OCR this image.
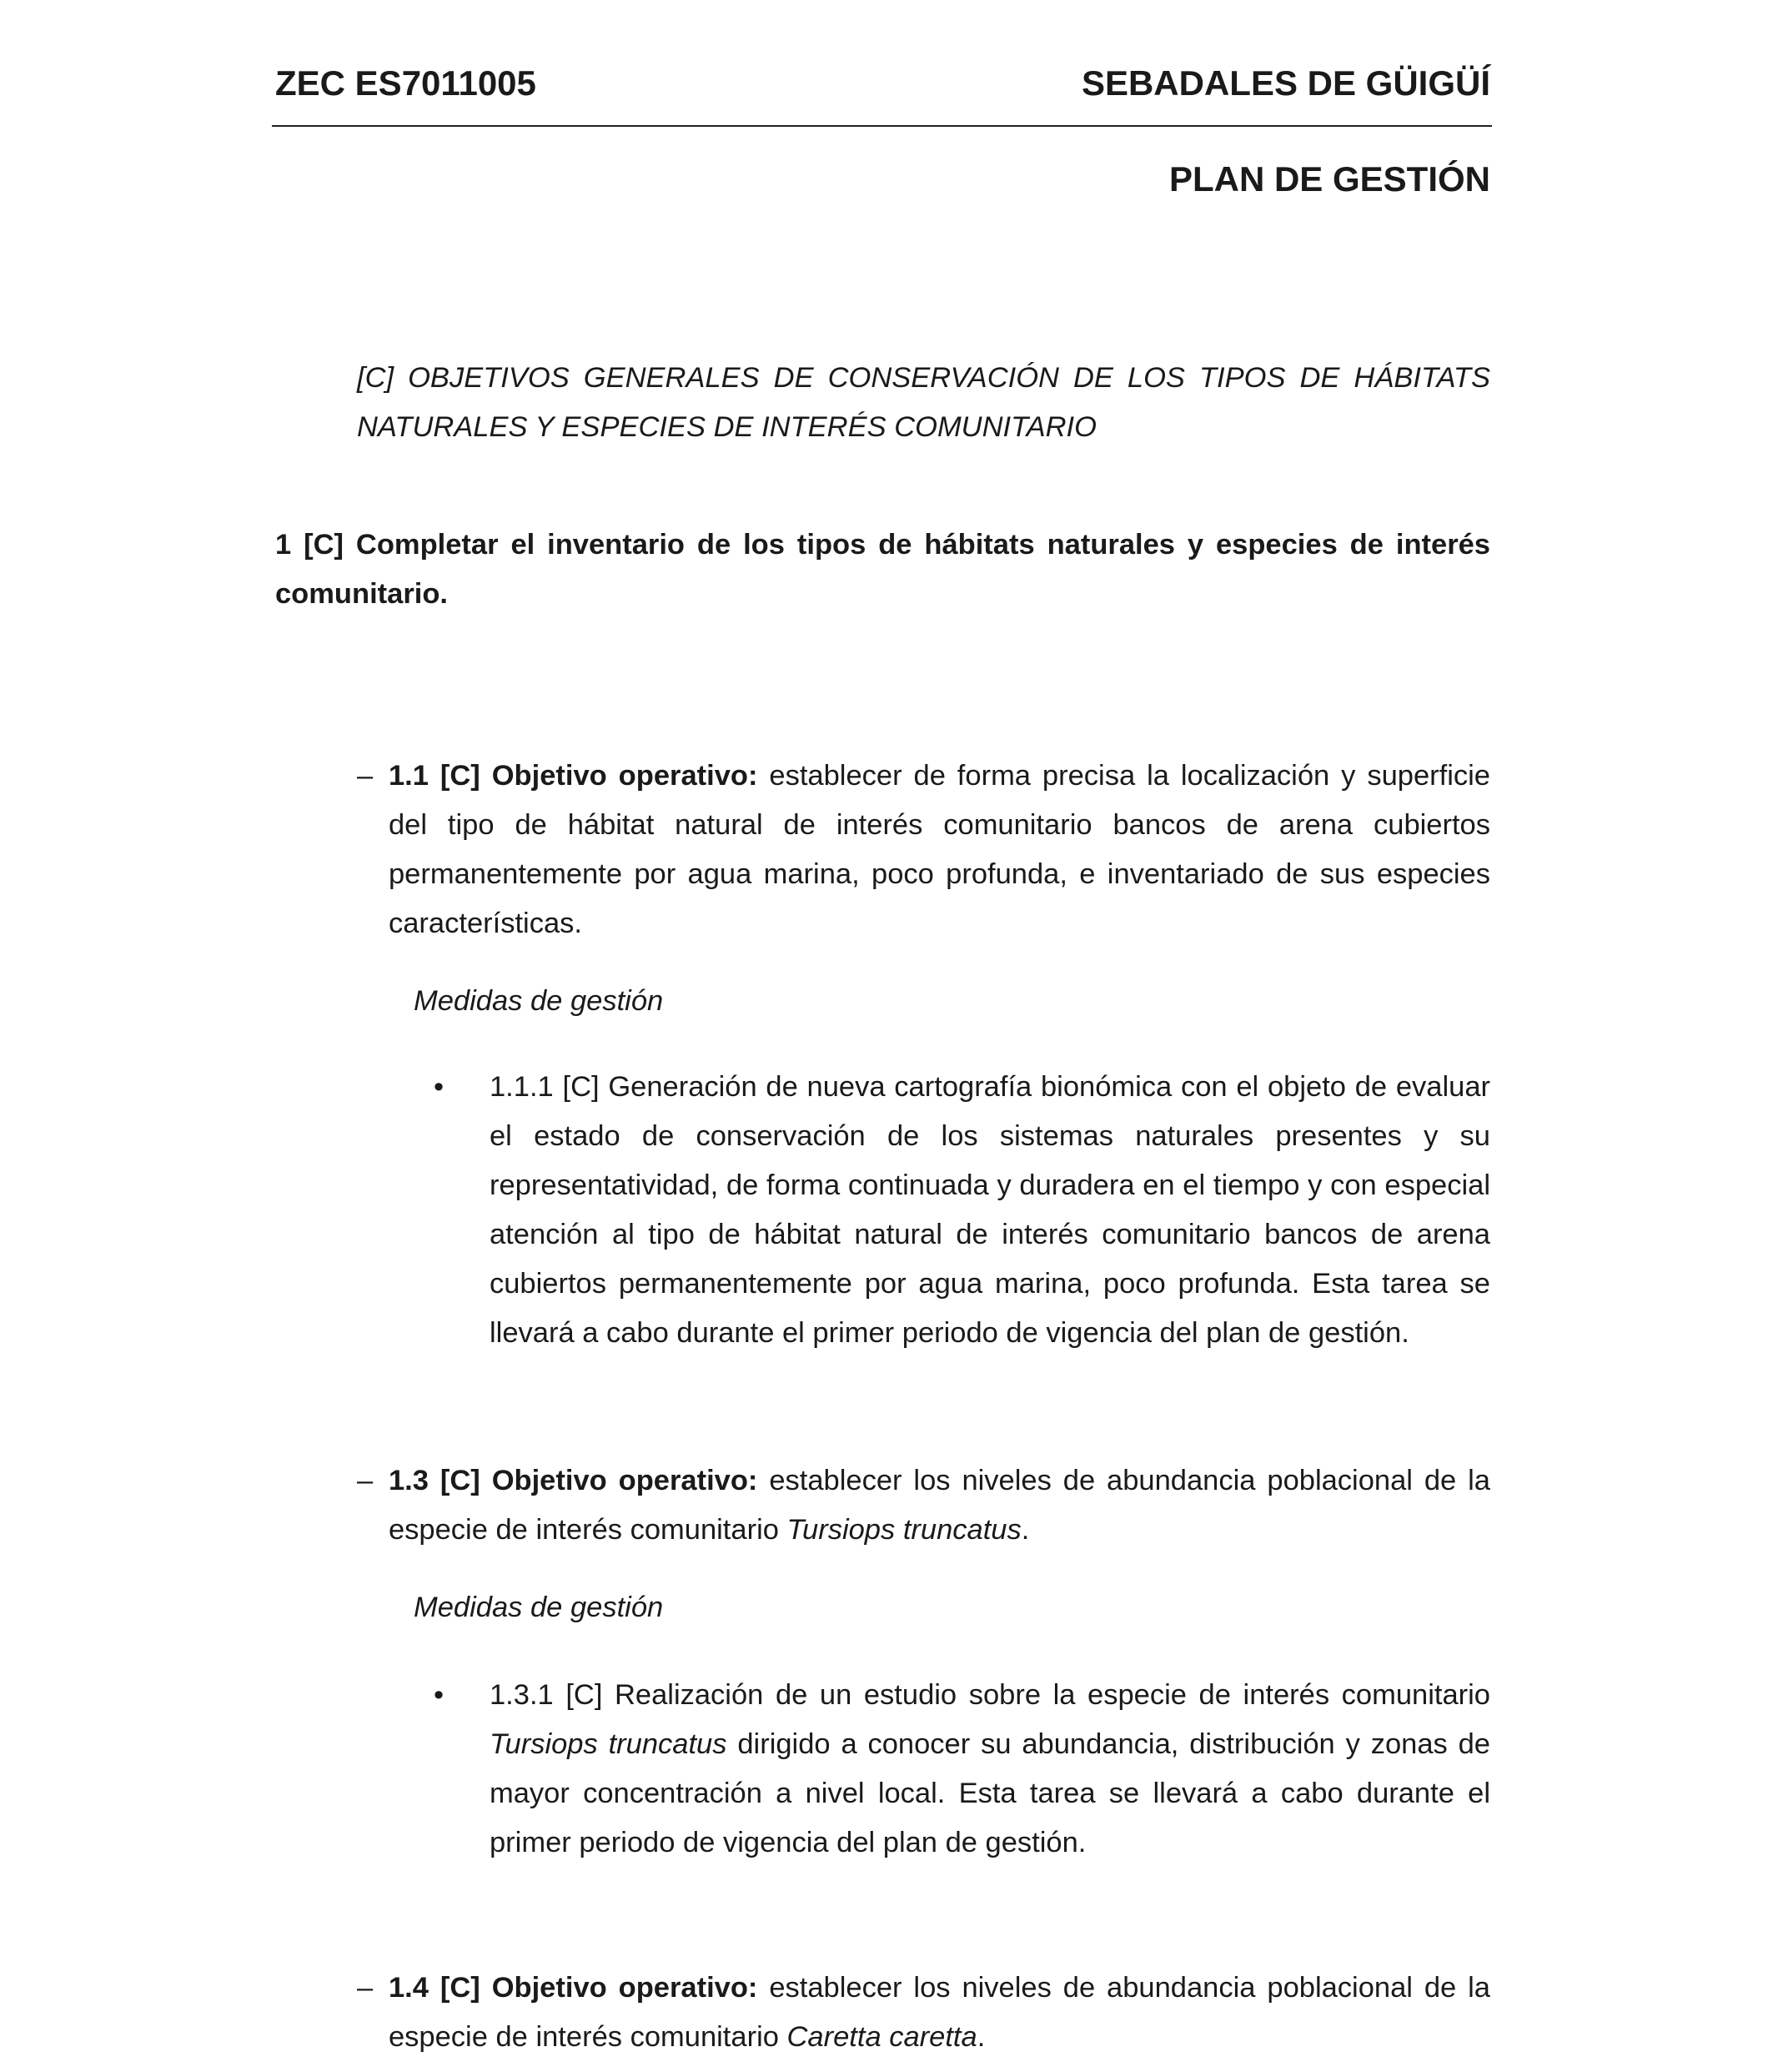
ZEC ES7011005	SEBADALES DE GÜIGÜÍ
PLAN DE GESTIÓN

[C] OBJETIVOS GENERALES DE CONSERVACIÓN DE LOS TIPOS DE HÁBITATS NATURALES Y ESPECIES DE INTERÉS COMUNITARIO

1 [C] Completar el inventario de los tipos de hábitats naturales y especies de interés comunitario.

– 1.1 [C] Objetivo operativo: establecer de forma precisa la localización y superficie del tipo de hábitat natural de interés comunitario bancos de arena cubiertos permanentemente por agua marina, poco profunda, e inventariado de sus especies características.

Medidas de gestión
• 1.1.1 [C] Generación de nueva cartografía bionómica con el objeto de evaluar el estado de conservación de los sistemas naturales presentes y su representatividad, de forma continuada y duradera en el tiempo y con especial atención al tipo de hábitat natural de interés comunitario bancos de arena cubiertos permanentemente por agua marina, poco profunda. Esta tarea se llevará a cabo durante el primer periodo de vigencia del plan de gestión.

– 1.3 [C] Objetivo operativo: establecer los niveles de abundancia poblacional de la especie de interés comunitario Tursiops truncatus.

Medidas de gestión
• 1.3.1 [C] Realización de un estudio sobre la especie de interés comunitario Tursiops truncatus dirigido a conocer su abundancia, distribución y zonas de mayor concentración a nivel local. Esta tarea se llevará a cabo durante el primer periodo de vigencia del plan de gestión.

– 1.4 [C] Objetivo operativo: establecer los niveles de abundancia poblacional de la especie de interés comunitario Caretta caretta.
